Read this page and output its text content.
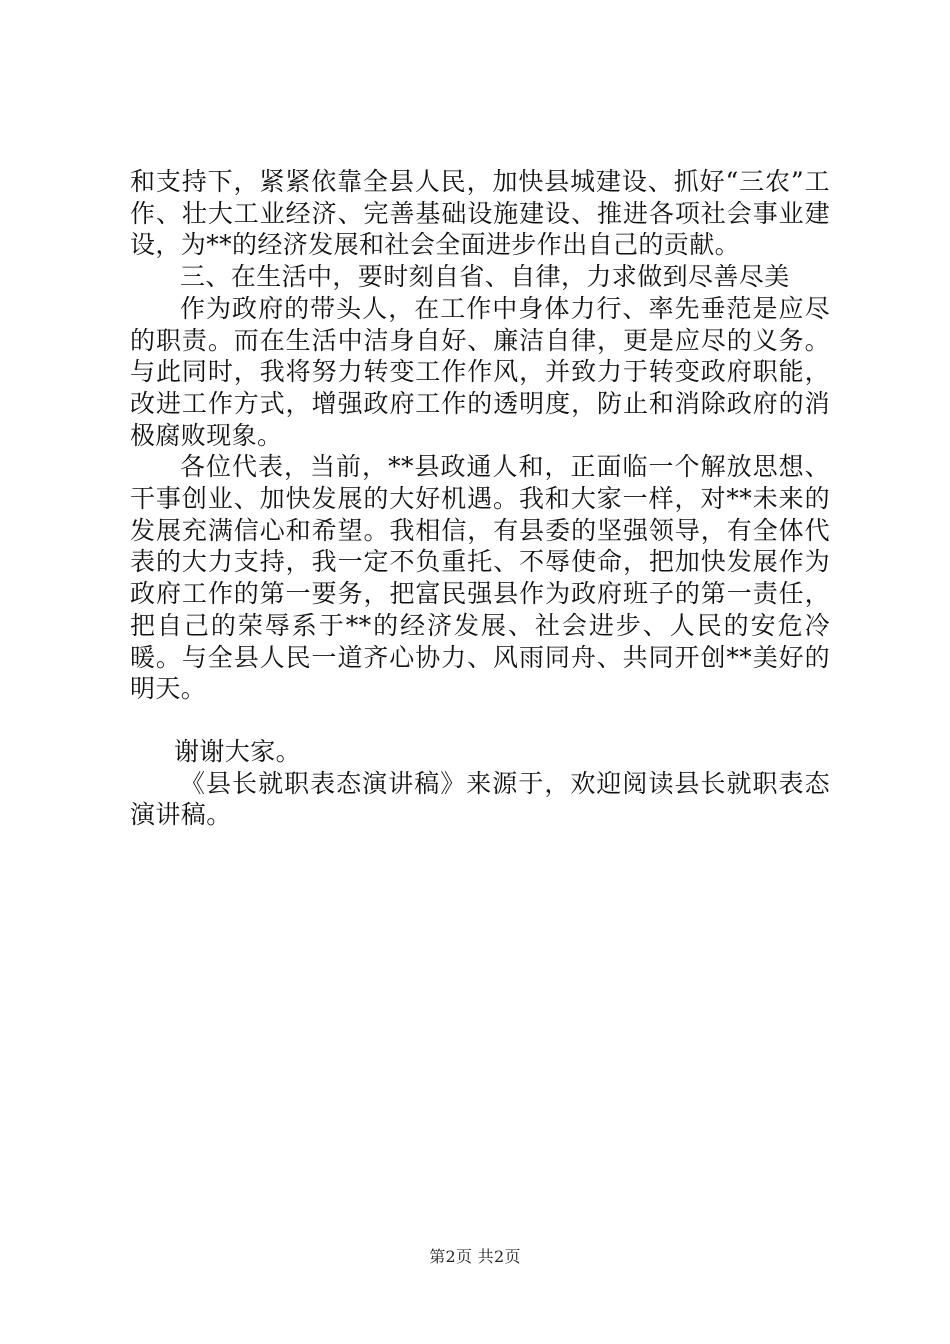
和支持下，紧紧依靠全县人民，加快县城建设、抓好“三农”工作、壮大工业经济、完善基础设施建设、推进各项社会事业建设，为**的经济发展和社会全面进步作出自己的贡献。

三、在生活中，要时刻自省、自律，力求做到尽善尽美

作为政府的带头人，在工作中身体力行、率先垂范是应尽的职责。而在生活中洁身自好、廉洁自律，更是应尽的义务。与此同时，我将努力转变工作作风，并致力于转变政府职能，改进工作方式，增强政府工作的透明度，防止和消除政府的消极腐败现象。

各位代表，当前，**县政通人和，正面临一个解放思想、干事创业、加快发展的大好机遇。我和大家一样，对**未来的发展充满信心和希望。我相信，有县委的坚强领导，有全体代表的大力支持，我一定不负重托、不辱使命，把加快发展作为政府工作的第一要务，把富民强县作为政府班子的第一责任，把自己的荣辱系于**的经济发展、社会进步、人民的安危冷暖。与全县人民一道齐心协力、风雨同舟、共同开创**美好的明天。

谢谢大家。

《县长就职表态演讲稿》来源于，欢迎阅读县长就职表态演讲稿。

第2页 共2页
